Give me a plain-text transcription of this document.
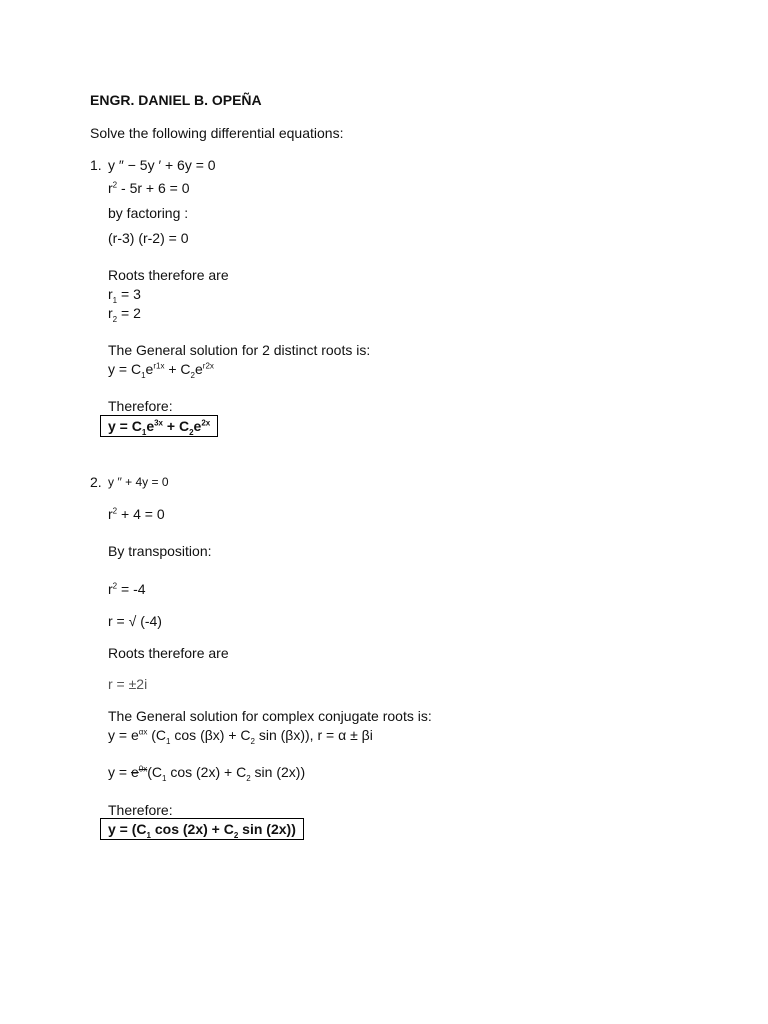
ENGR. DANIEL B. OPEÑA
Solve the following differential equations:
1.
2.
y ″ − 5y ′ + 6y = 0
$r^2 - 5r + 6 = 0$
by factoring :
(r-3) (r-2) = 0
Roots therefore are
$r_1 = 3$
$r_2 = 2$
The General solution for 2 distinct roots is:
$y = C_1e^{r1x} + C_2e^{r2x}$
Therefore:
$y = C_1e^{3x} + C_2e^{2x}$
y ′′ + 4y = 0
$r^2 + 4 = 0$
By transposition:
$r^2 = -4$
r = √ (-4)
Roots therefore are
r = ±2i
The General solution for complex conjugate roots is:
$y = e^{\alpha x}$ ($C_1$ $\cos (\beta x) + C_2$ sin (βx)), r = α ± βi
$y = e^{0x}(C_1$ $\cos (2x) + C_2$ sin (2x))
Therefore:
$y = (C_1$ $\cos (2x) + C_2$ sin (2x))
